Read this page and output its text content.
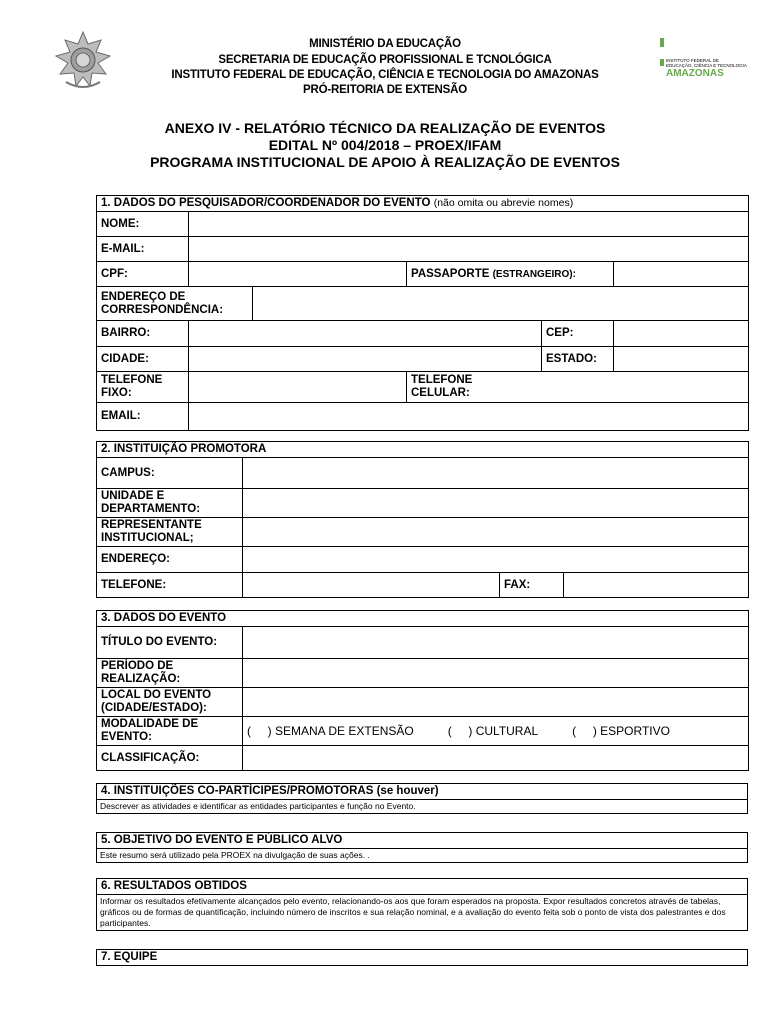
MINISTÉRIO DA EDUCAÇÃO
SECRETARIA DE EDUCAÇÃO PROFISSIONAL E TCNOLÓGICA
INSTITUTO FEDERAL DE EDUCAÇÃO, CIÊNCIA E TECNOLOGIA DO AMAZONAS
PRÓ-REITORIA DE EXTENSÃO
INSTITUTO FEDERAL DE
EDUCAÇÃO, CIÊNCIA E TECNOLOGIA
AMAZONAS
ANEXO IV - RELATÓRIO TÉCNICO DA REALIZAÇÃO DE EVENTOS
EDITAL Nº 004/2018 – PROEX/IFAM
PROGRAMA INSTITUCIONAL DE APOIO À REALIZAÇÃO DE EVENTOS
1. DADOS DO PESQUISADOR/COORDENADOR DO EVENTO (não omita ou abrevie nomes)					
NOME:					
E-MAIL:					
CPF:			PASSAPORTE (ESTRANGEIRO):		
ENDEREÇO DE CORRESPONDÊNCIA:					
BAIRRO:				CEP:	
CIDADE:				ESTADO:	
TELEFONE FIXO:			TELEFONE CELULAR:		

EMAIL:					
2. INSTITUIÇÃO PROMOTORA			
CAMPUS:			
UNIDADE E DEPARTAMENTO:			
REPRESENTANTE INSTITUCIONAL;			
ENDEREÇO:			
TELEFONE:		FAX:	
3. DADOS DO EVENTO	
TÍTULO DO EVENTO:	
PERÍODO DE REALIZAÇÃO:	
LOCAL DO EVENTO (CIDADE/ESTADO):	
MODALIDADE DE EVENTO:	(     ) SEMANA DE EXTENSÃO (     ) CULTURAL (     ) ESPORTIVO

CLASSIFICAÇÃO:	
4. INSTITUIÇÕES CO-PARTÍCIPES/PROMOTORAS (se houver)
Descrever as atividades e identificar as entidades participantes e função no Evento.
5. OBJETIVO DO EVENTO E PÚBLICO ALVO
Este resumo será utilizado pela PROEX na divulgação de suas ações. .
6. RESULTADOS OBTIDOS
Informar os resultados efetivamente alcançados pelo evento, relacionando-os aos que foram esperados na proposta. Expor resultados concretos através de tabelas, gráficos ou de formas de quantificação, incluindo número de inscritos e sua relação nominal, e a avaliação do evento feita sob o ponto de vista dos palestrantes e dos participantes.
7. EQUIPE
